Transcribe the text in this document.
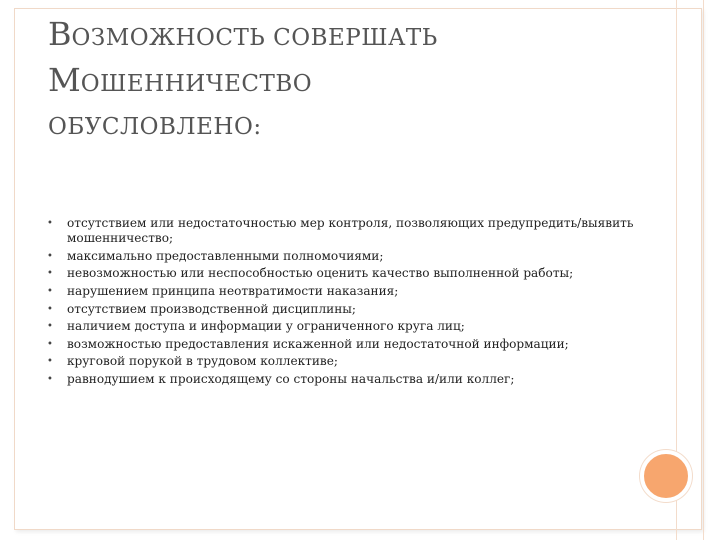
ВОЗМОЖНОСТЬ СОВЕРШАТЬ
МОШЕННИЧЕСТВО
ОБУСЛОВЛЕНО:
• отсутствием или недостаточностью мер контроля, позволяющих предупредить/выявить мошенничество;
• максимально предоставленными полномочиями;
• невозможностью или неспособностью оценить качество выполненной работы;
• нарушением принципа неотвратимости наказания;
• отсутствием производственной дисциплины;
• наличием доступа и информации у ограниченного круга лиц;
• возможностью предоставления искаженной или недостаточной информации;
• круговой порукой в трудовом коллективе;
• равнодушием к происходящему со стороны начальства и/или коллег;
